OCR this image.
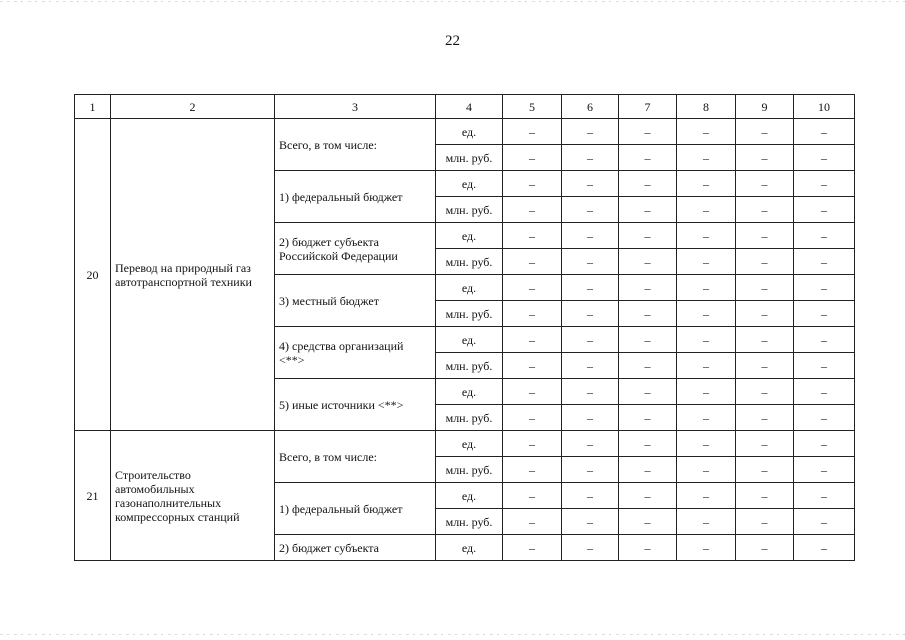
22
1	2	3	4	5	6	7	8	9	10
20	Перевод на природный газ автотранспортной техники	Всего, в том числе:	ед.	–	–	–	–	–	–
			млн. руб.	–	–	–	–	–	–
		1) федеральный бюджет	ед.	–	–	–	–	–	–
			млн. руб.	–	–	–	–	–	–
		2) бюджет субъекта Российской Федерации	ед.	–	–	–	–	–	–
			млн. руб.	–	–	–	–	–	–
		3) местный бюджет	ед.	–	–	–	–	–	–
			млн. руб.	–	–	–	–	–	–
		4) средства организаций <**>	ед.	–	–	–	–	–	–
			млн. руб.	–	–	–	–	–	–
		5) иные источники <**>	ед.	–	–	–	–	–	–
			млн. руб.	–	–	–	–	–	–
21	Строительство автомобильных газонаполнительных компрессорных станций	Всего, в том числе:	ед.	–	–	–	–	–	–
			млн. руб.	–	–	–	–	–	–
		1) федеральный бюджет	ед.	–	–	–	–	–	–
			млн. руб.	–	–	–	–	–	–
		2) бюджет субъекта	ед.	–	–	–	–	–	–
